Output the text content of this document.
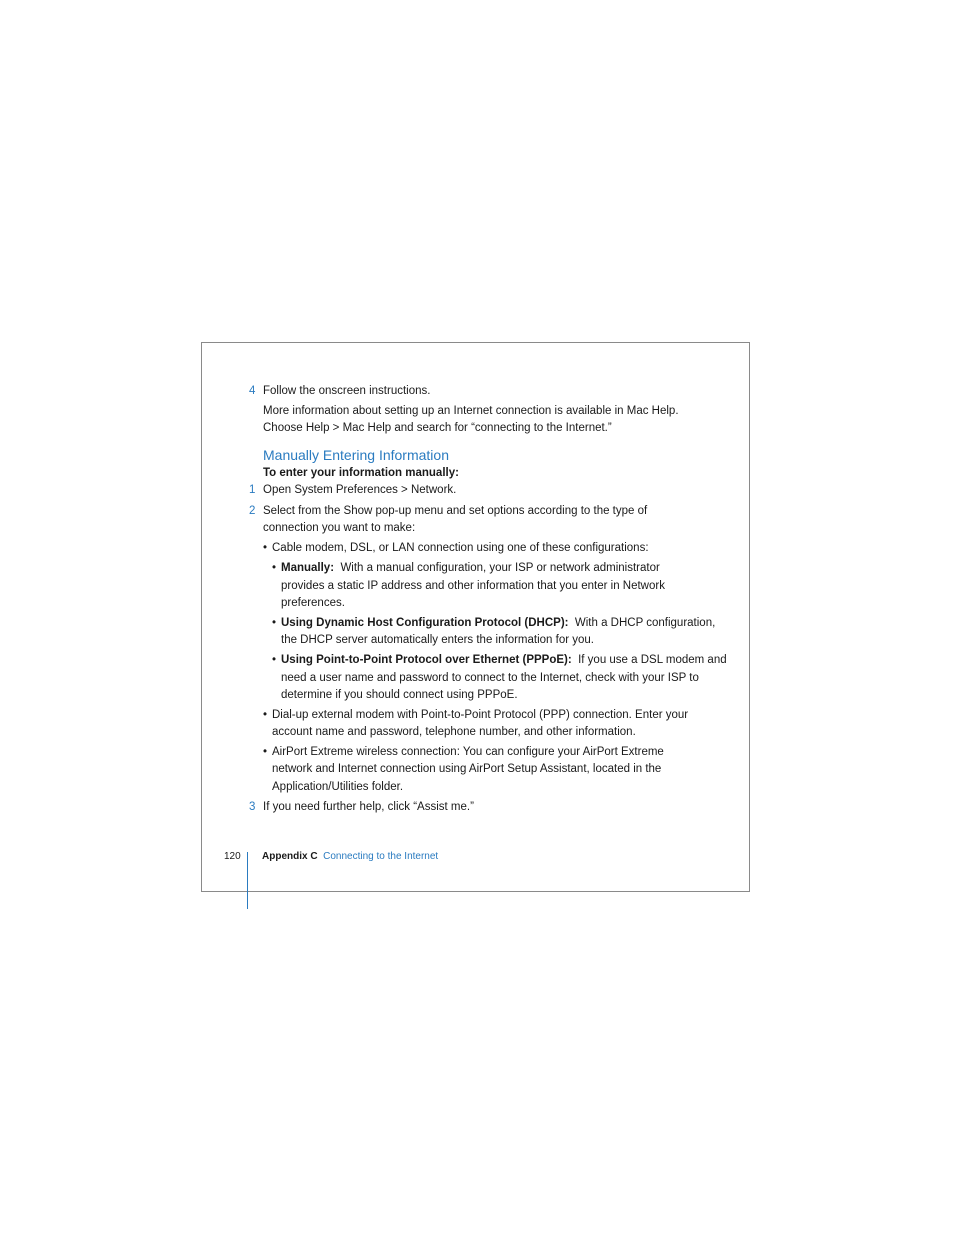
4 Follow the onscreen instructions.
More information about setting up an Internet connection is available in Mac Help.
Choose Help > Mac Help and search for “connecting to the Internet.”
Manually Entering Information
To enter your information manually:
1 Open System Preferences > Network.
2 Select from the Show pop-up menu and set options according to the type of
connection you want to make:
• Cable modem, DSL, or LAN connection using one of these configurations:
• Manually: With a manual configuration, your ISP or network administrator
provides a static IP address and other information that you enter in Network
preferences.
• Using Dynamic Host Configuration Protocol (DHCP): With a DHCP configuration,
the DHCP server automatically enters the information for you.
• Using Point-to-Point Protocol over Ethernet (PPPoE): If you use a DSL modem and
need a user name and password to connect to the Internet, check with your ISP to
determine if you should connect using PPPoE.
• Dial-up external modem with Point-to-Point Protocol (PPP) connection. Enter your
account name and password, telephone number, and other information.
• AirPort Extreme wireless connection: You can configure your AirPort Extreme
network and Internet connection using AirPort Setup Assistant, located in the
Application/Utilities folder.
3 If you need further help, click “Assist me.”
120 Appendix C Connecting to the Internet
